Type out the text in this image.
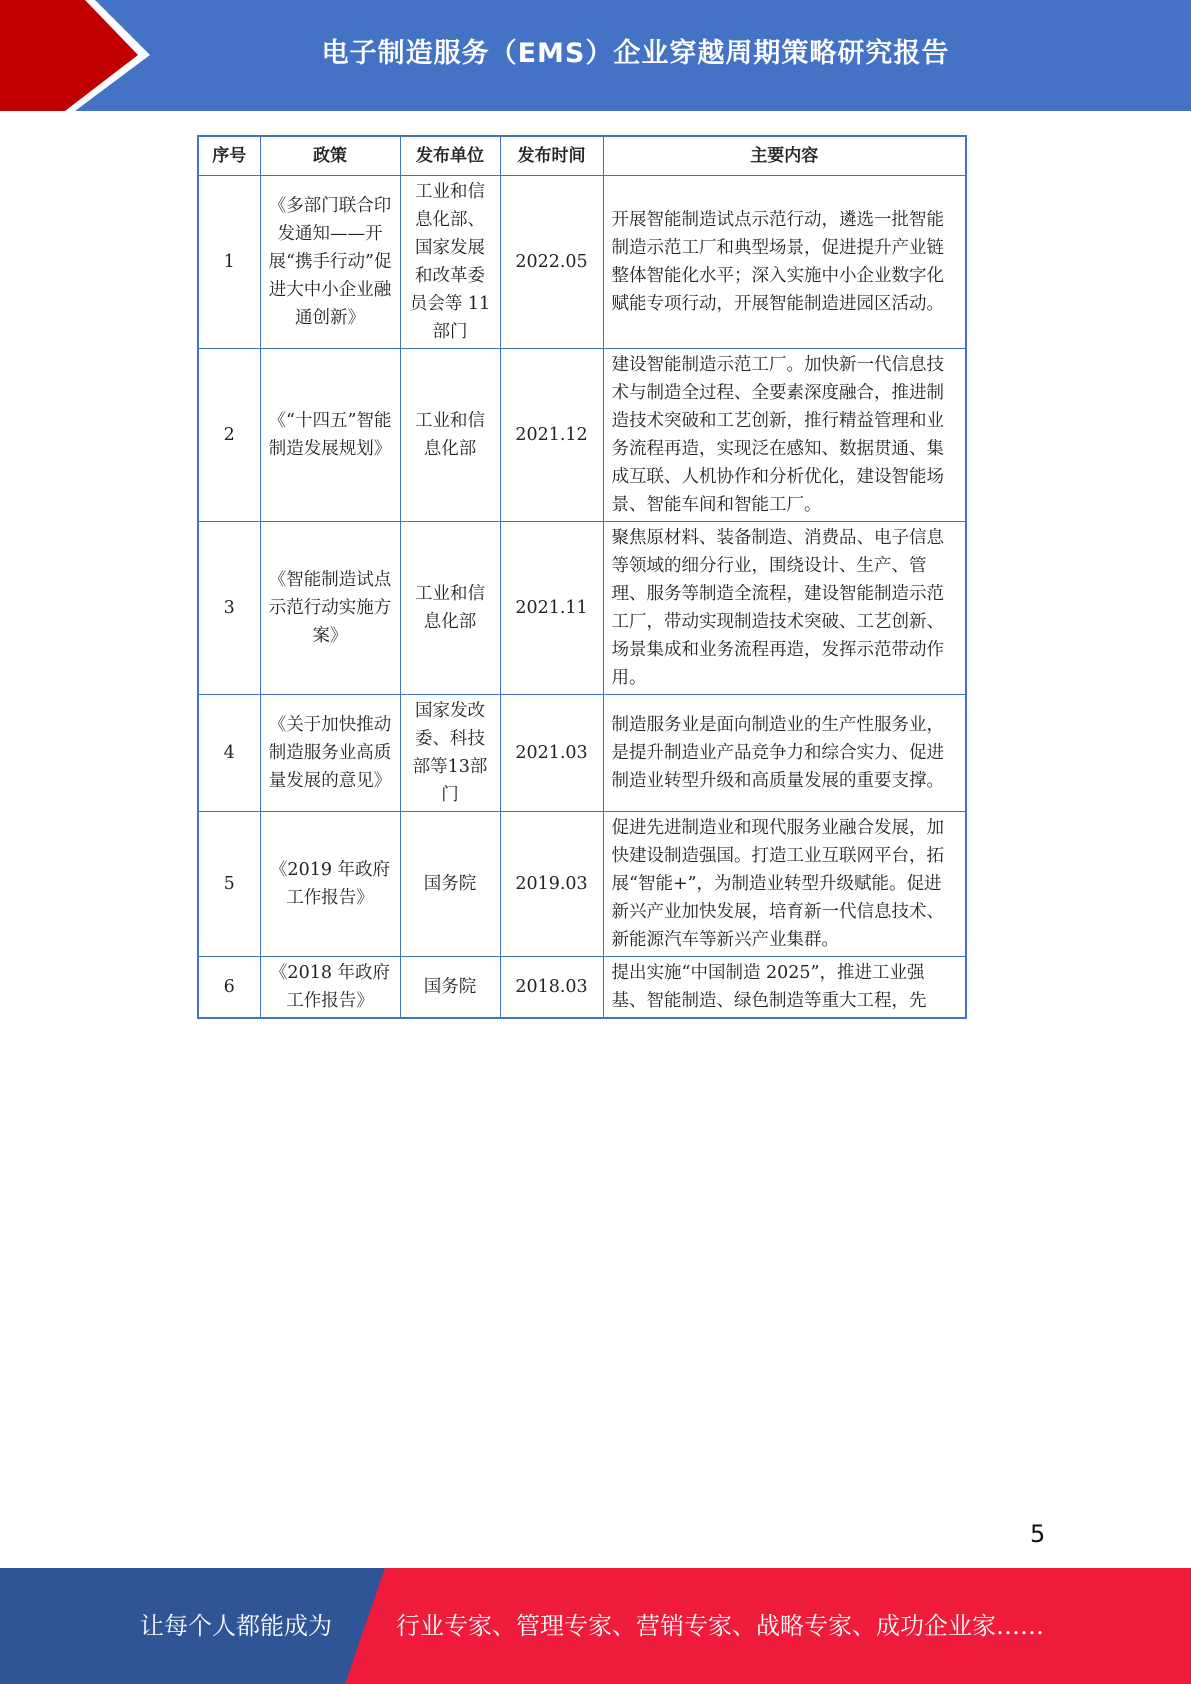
电子制造服务（EMS）企业穿越周期策略研究报告
序号	政策	发布单位	发布时间	主要内容
1	《多部门联合印发通知——开展“携手行动”促进大中小企业融通创新》	工业和信息化部、国家发展和改革委员会等 11 部门	2022.05	开展智能制造试点示范行动，遴选一批智能制造示范工厂和典型场景，促进提升产业链整体智能化水平；深入实施中小企业数字化赋能专项行动，开展智能制造进园区活动。
2	《“十四五”智能制造发展规划》	工业和信息化部	2021.12	建设智能制造示范工厂。加快新一代信息技术与制造全过程、全要素深度融合，推进制造技术突破和工艺创新，推行精益管理和业务流程再造，实现泛在感知、数据贯通、集成互联、人机协作和分析优化，建设智能场景、智能车间和智能工厂。
3	《智能制造试点示范行动实施方案》	工业和信息化部	2021.11	聚焦原材料、装备制造、消费品、电子信息等领域的细分行业，围绕设计、生产、管理、服务等制造全流程，建设智能制造示范工厂，带动实现制造技术突破、工艺创新、场景集成和业务流程再造，发挥示范带动作用。
4	《关于加快推动制造服务业高质量发展的意见》	国家发改委、科技部等13部门	2021.03	制造服务业是面向制造业的生产性服务业，是提升制造业产品竞争力和综合实力、促进制造业转型升级和高质量发展的重要支撑。
5	《2019 年政府工作报告》	国务院	2019.03	促进先进制造业和现代服务业融合发展，加快建设制造强国。打造工业互联网平台，拓展“智能+”，为制造业转型升级赋能。促进新兴产业加快发展，培育新一代信息技术、新能源汽车等新兴产业集群。
6	《2018 年政府工作报告》	国务院	2018.03	提出实施“中国制造 2025”，推进工业强基、智能制造、绿色制造等重大工程，先
5
让每个人都能成为	行业专家、管理专家、营销专家、战略专家、成功企业家……
